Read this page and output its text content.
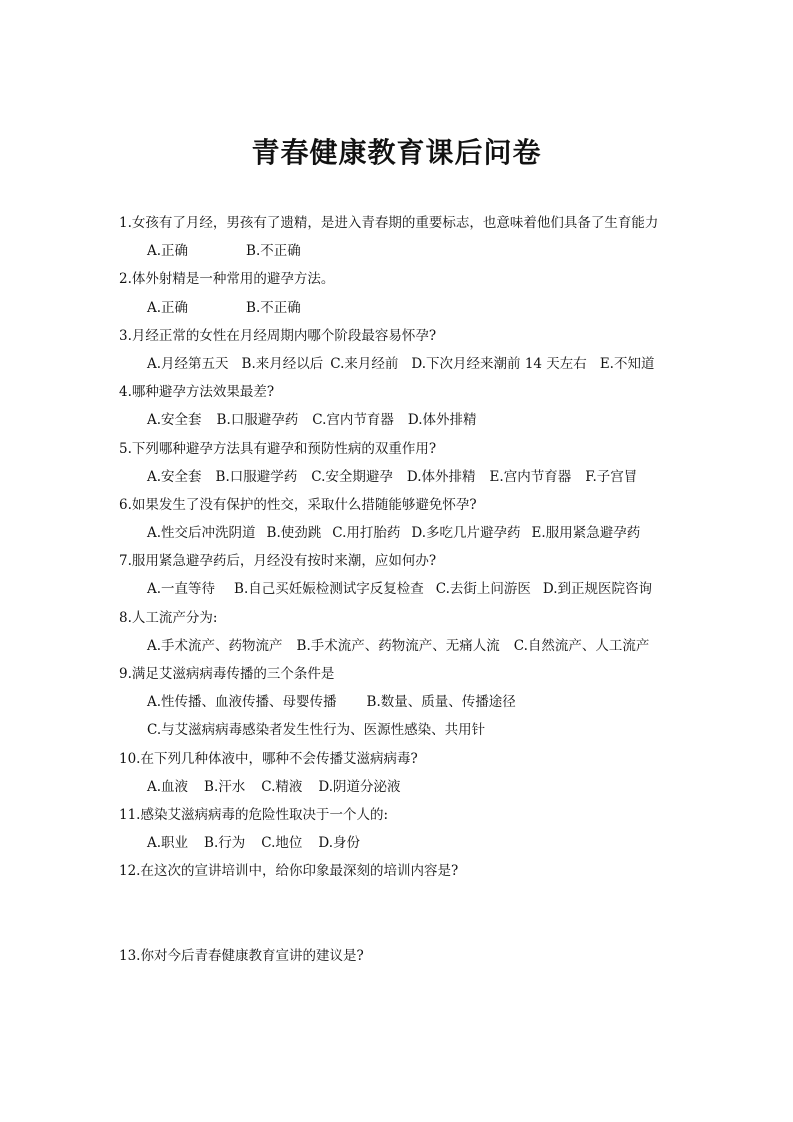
青春健康教育课后问卷
1.女孩有了月经，男孩有了遗精，是进入青春期的重要标志，也意味着他们具备了生育能力
A.正确	B.不正确
2.体外射精是一种常用的避孕方法。
A.正确	B.不正确
3.月经正常的女性在月经周期内哪个阶段最容易怀孕?
A.月经第五天 B.来月经以后 C.来月经前 D.下次月经来潮前 14 天左右 E.不知道
4.哪种避孕方法效果最差?
A.安全套 B.口服避孕药 C.宫内节育器 D.体外排精
5.下列哪种避孕方法具有避孕和预防性病的双重作用?
A.安全套 B.口服避学药 C.安全期避孕 D.体外排精 E.宫内节育器 F.子宫冒
6.如果发生了没有保护的性交，采取什么措随能够避免怀孕?
A.性交后冲洗阴道 B.使劲跳 C.用打胎药 D.多吃几片避孕药 E.服用紧急避孕药
7.服用紧急避孕药后，月经没有按时来潮，应如何办?
A.一直等待 B.自己买妊娠检测试字反复检查 C.去街上问游医 D.到正规医院咨询
8.人工流产分为:
A.手术流产、药物流产 B.手术流产、药物流产、无痛人流 C.自然流产、人工流产
9.满足艾滋病病毒传播的三个条件是
A.性传播、血液传播、母婴传播 B.数量、质量、传播途径
C.与艾滋病病毒感染者发生性行为、医源性感染、共用针
10.在下列几种体液中，哪种不会传播艾滋病病毒?
A.血液 B.汗水 C.精液 D.阴道分泌液
11.感染艾滋病病毒的危险性取决于一个人的:
A.职业 B.行为 C.地位 D.身份
12.在这次的宣讲培训中，给你印象最深刻的培训内容是?
13.你对今后青春健康教育宣讲的建议是?
